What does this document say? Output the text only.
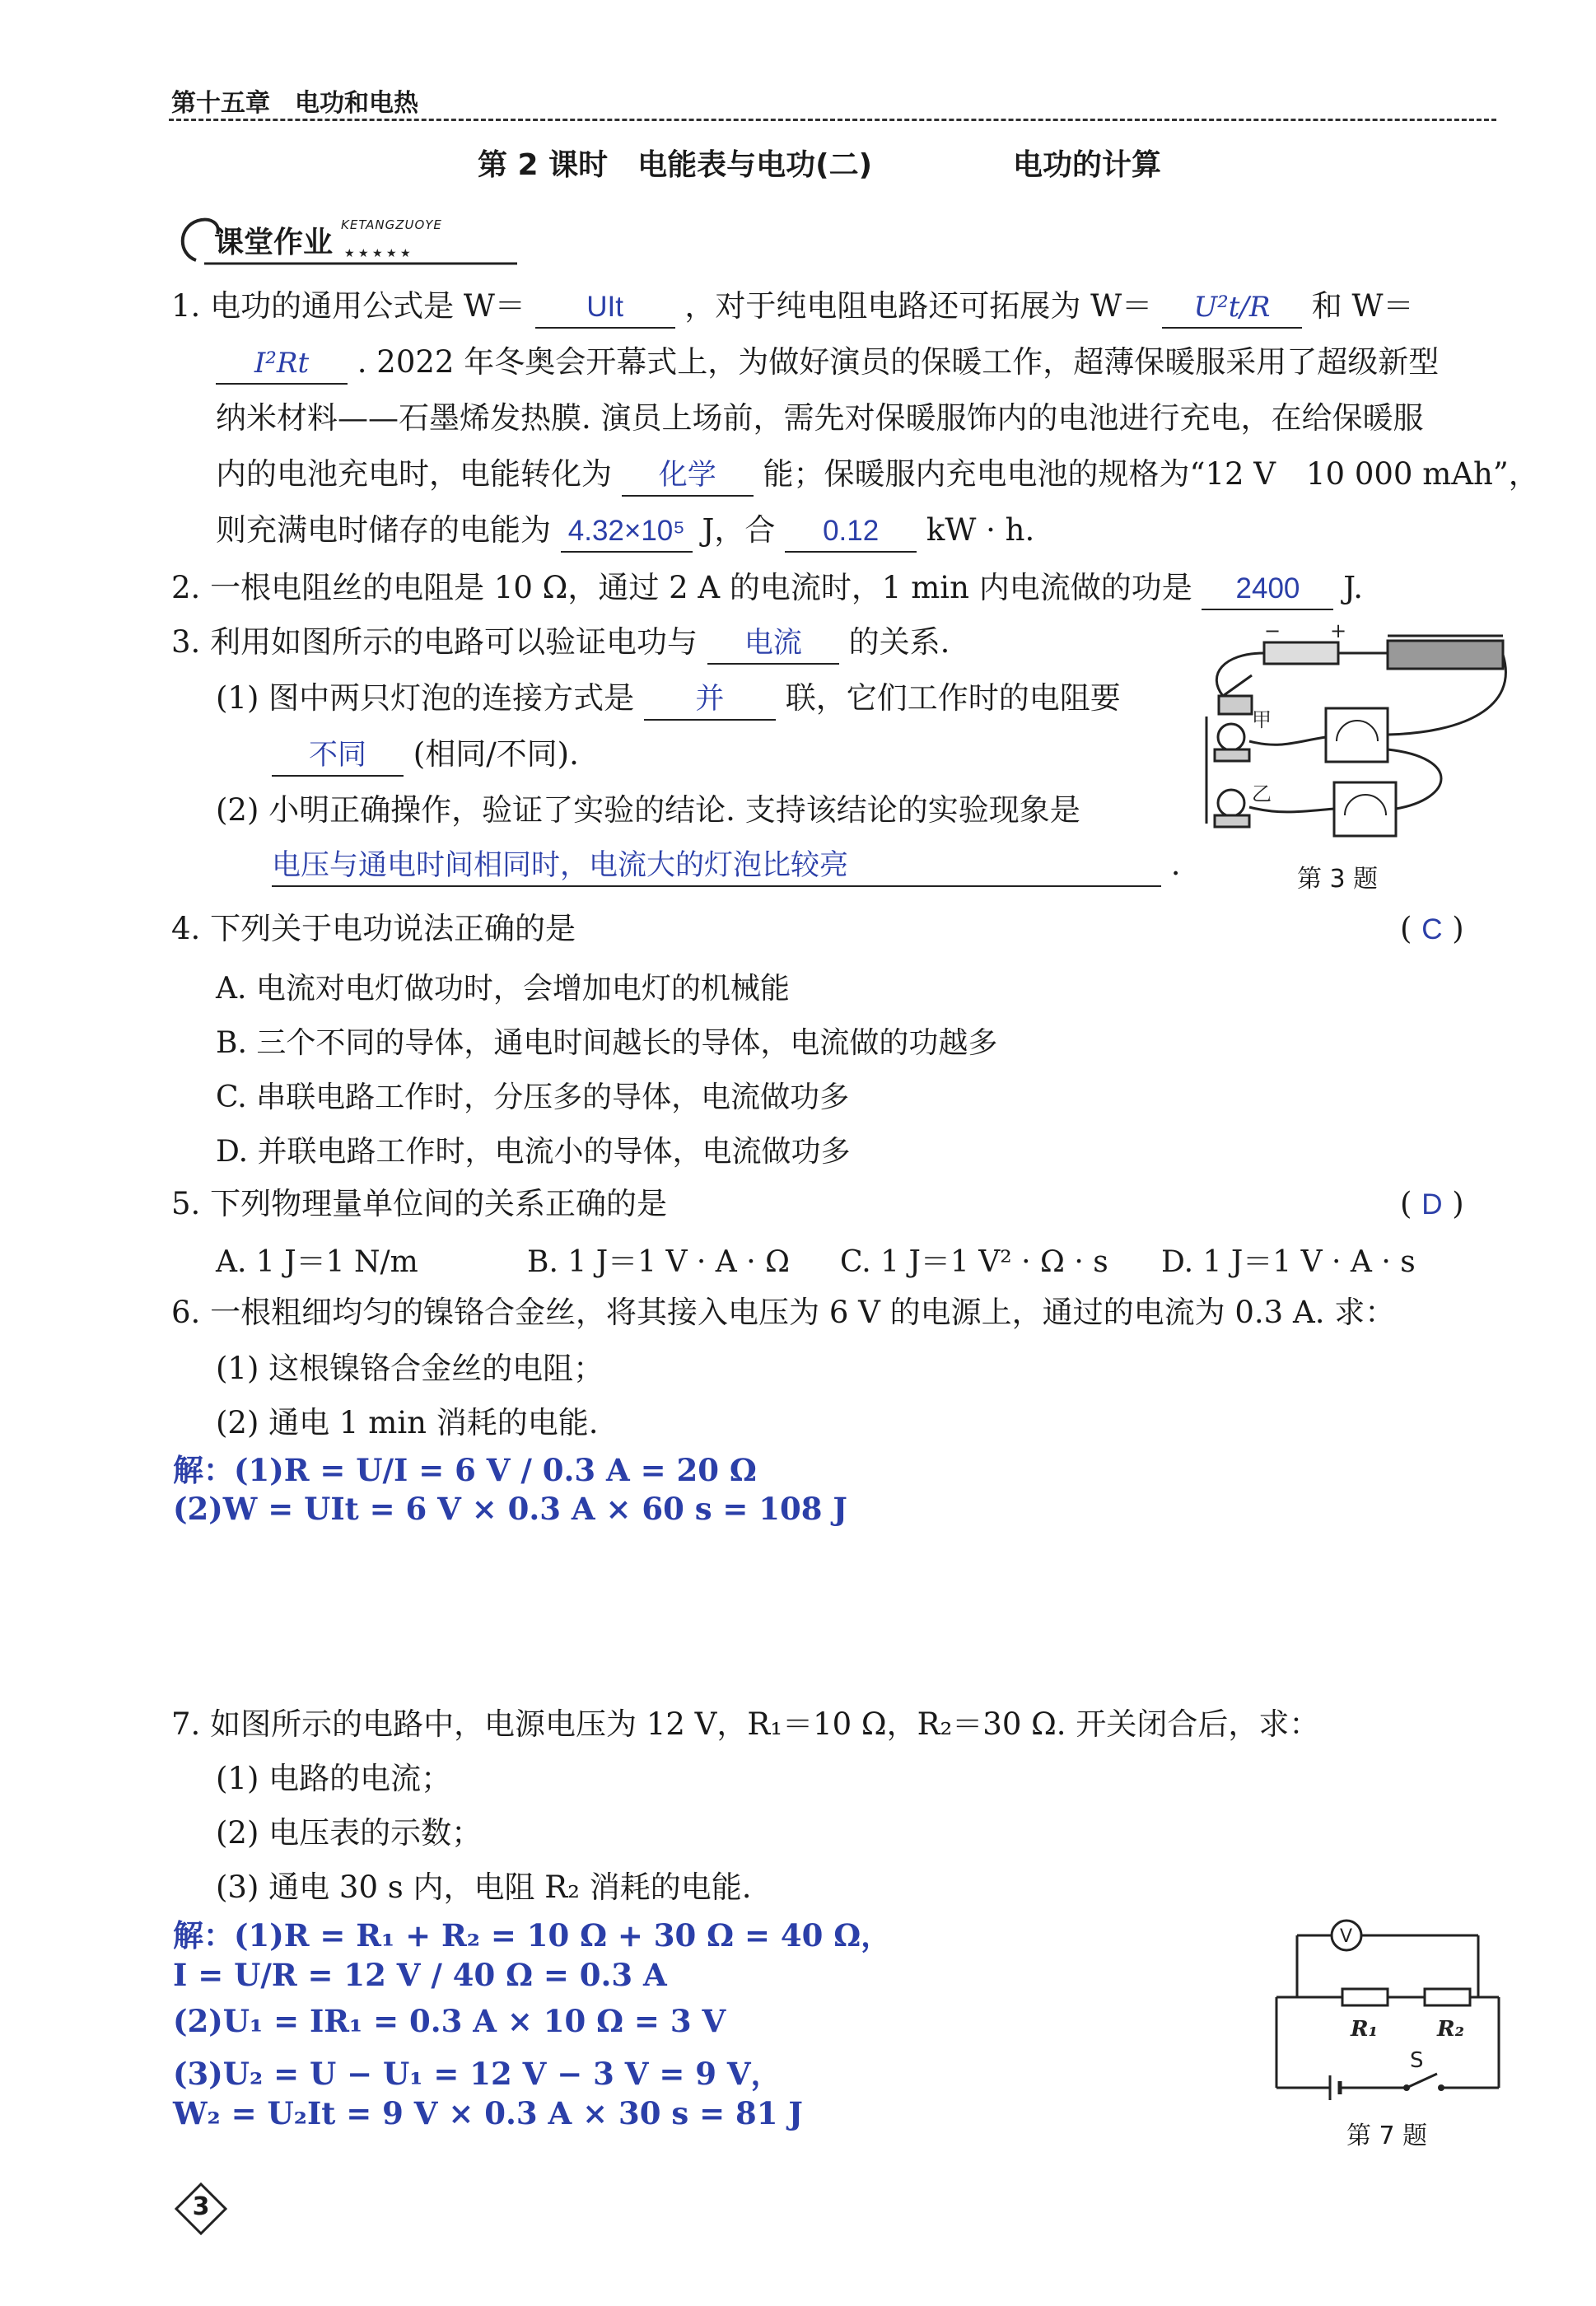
第十五章　电功和电热
第 2 课时　电能表与电功(二)	电功的计算
★ ★ ★ ★ ★
课堂作业
KETANGZUOYE
1. 电功的通用公式是 W＝ UIt ，对于纯电阻电路还可拓展为 W＝ U²t/R 和 W＝
I²Rt . 2022 年冬奥会开幕式上，为做好演员的保暖工作，超薄保暖服采用了超级新型
纳米材料——石墨烯发热膜. 演员上场前，需先对保暖服饰内的电池进行充电，在给保暖服
内的电池充电时，电能转化为 化学 能；保暖服内充电电池的规格为“12 V　10 000 mAh”，
则充满电时储存的电能为 4.32×10⁵ J，合 0.12 kW · h.
2. 一根电阻丝的电阻是 10 Ω，通过 2 A 的电流时，1 min 内电流做的功是 2400 J.
3. 利用如图所示的电路可以验证电功与 电流 的关系.
(1) 图中两只灯泡的连接方式是 并 联，它们工作时的电阻要
不同 (相同/不同).
(2) 小明正确操作，验证了实验的结论. 支持该结论的实验现象是
电压与通电时间相同时，电流大的灯泡比较亮	.
− +
甲
乙
第 3 题
4. 下列关于电功说法正确的是	( C )
A. 电流对电灯做功时，会增加电灯的机械能
B. 三个不同的导体，通电时间越长的导体，电流做的功越多
C. 串联电路工作时，分压多的导体，电流做功多
D. 并联电路工作时，电流小的导体，电流做功多
5. 下列物理量单位间的关系正确的是	( D )
A. 1 J＝1 N/m	B. 1 J＝1 V · A · Ω C. 1 J＝1 V² · Ω · s D. 1 J＝1 V · A · s
6. 一根粗细均匀的镍铬合金丝，将其接入电压为 6 V 的电源上，通过的电流为 0.3 A. 求：
(1) 这根镍铬合金丝的电阻；
(2) 通电 1 min 消耗的电能.
解：(1)R = U/I = 6 V / 0.3 A = 20 Ω
(2)W = UIt = 6 V × 0.3 A × 60 s = 108 J
7. 如图所示的电路中，电源电压为 12 V，R₁＝10 Ω，R₂＝30 Ω. 开关闭合后，求：
(1) 电路的电流；
(2) 电压表的示数；
(3) 通电 30 s 内，电阻 R₂ 消耗的电能.
解：(1)R = R₁ + R₂ = 10 Ω + 30 Ω = 40 Ω，
I = U/R = 12 V / 40 Ω = 0.3 A
(2)U₁ = IR₁ = 0.3 A × 10 Ω = 3 V
(3)U₂ = U − U₁ = 12 V − 3 V = 9 V，
W₂ = U₂It = 9 V × 0.3 A × 30 s = 81 J
V
R₁	R₂
S
第 7 题
3
